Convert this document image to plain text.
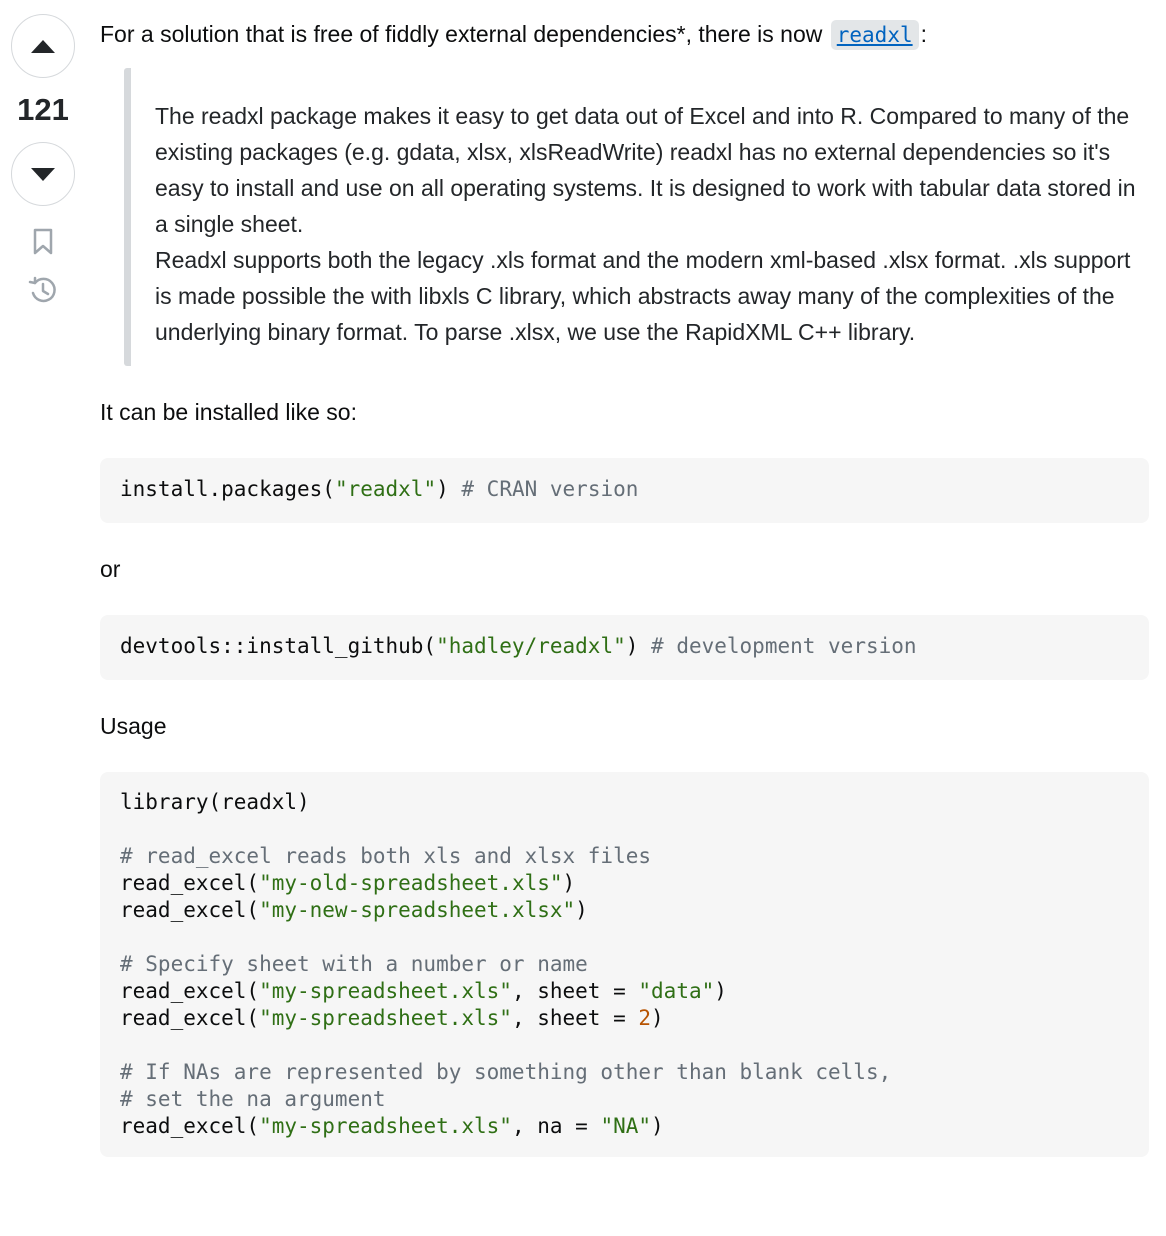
121

For a solution that is free of fiddly external dependencies*, there is now readxl :

The readxl package makes it easy to get data out of Excel and into R. Compared to many of the existing packages (e.g. gdata, xlsx, xlsReadWrite) readxl has no external dependencies so it's easy to install and use on all operating systems. It is designed to work with tabular data stored in a single sheet.

Readxl supports both the legacy .xls format and the modern xml-based .xlsx format. .xls support is made possible the with libxls C library, which abstracts away many of the complexities of the underlying binary format. To parse .xlsx, we use the RapidXML C++ library.

It can be installed like so:

install.packages("readxl") # CRAN version

or

devtools::install_github("hadley/readxl") # development version

Usage

library(readxl)
# read_excel reads both xls and xlsx files
read_excel("my-old-spreadsheet.xls")
read_excel("my-new-spreadsheet.xlsx")
# Specify sheet with a number or name
read_excel("my-spreadsheet.xls", sheet = "data")
read_excel("my-spreadsheet.xls", sheet = 2)
# If NAs are represented by something other than blank cells,
# set the na argument
read_excel("my-spreadsheet.xls", na = "NA")
